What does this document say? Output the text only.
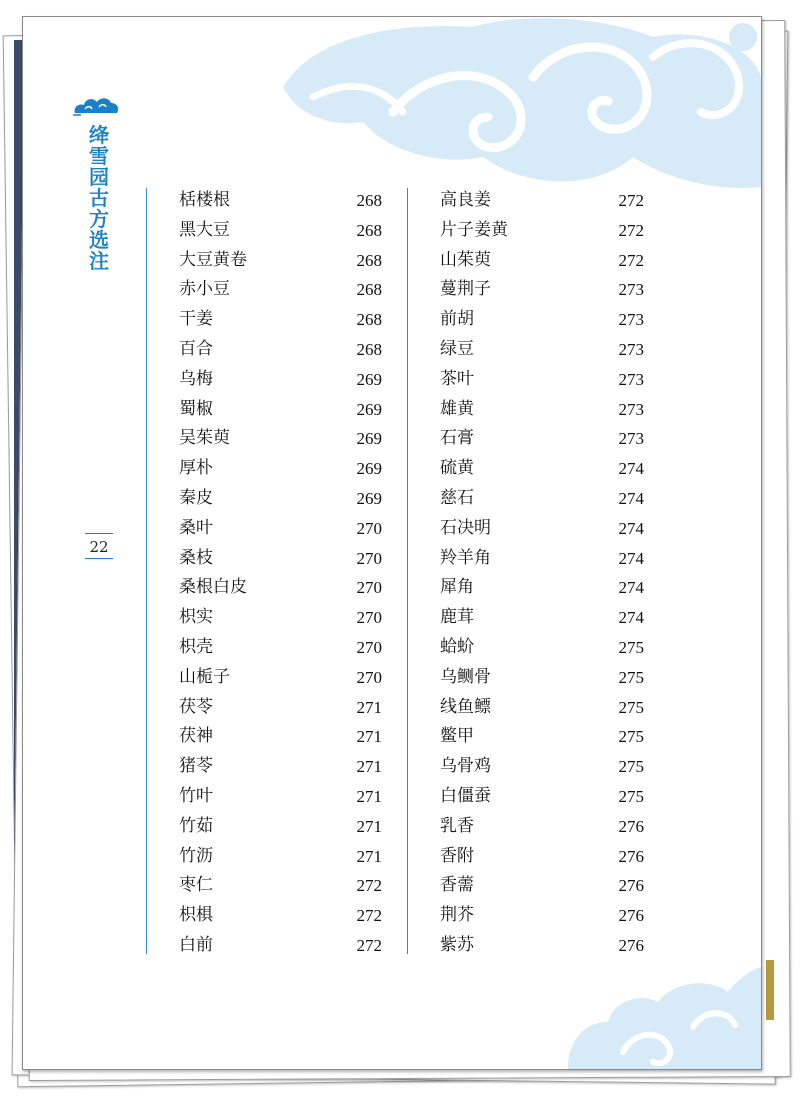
绛
雪
园
古
方
选
注
22
栝楼根	268
黑大豆	268
大豆黄卷	268
赤小豆	268
干姜	268
百合	268
乌梅	269
蜀椒	269
吴茱萸	269
厚朴	269
秦皮	269
桑叶	270
桑枝	270
桑根白皮	270
枳实	270
枳壳	270
山栀子	270
茯苓	271
茯神	271
猪苓	271
竹叶	271
竹茹	271
竹沥	271
枣仁	272
枳椇	272
白前	272
高良姜	272
片子姜黄	272
山茱萸	272
蔓荆子	273
前胡	273
绿豆	273
茶叶	273
雄黄	273
石膏	273
硫黄	274
慈石	274
石决明	274
羚羊角	274
犀角	274
鹿茸	274
蛤蚧	275
乌鲗骨	275
线鱼鳔	275
鳖甲	275
乌骨鸡	275
白僵蚕	275
乳香	276
香附	276
香薷	276
荆芥	276
紫苏	276
